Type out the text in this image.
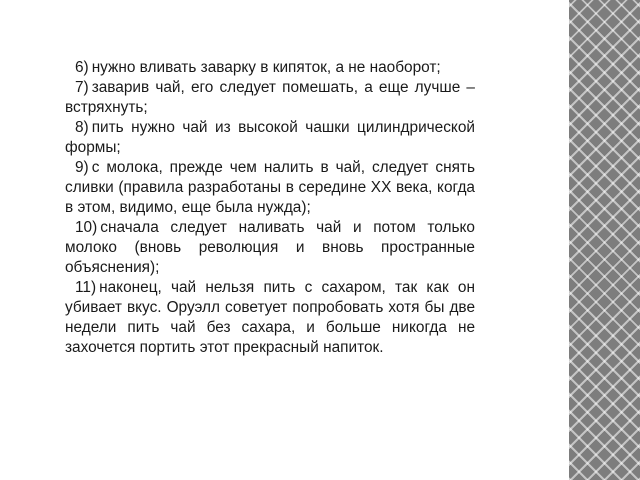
6) нужно вливать заварку в кипяток, а не наоборот;

7) заварив чай, его следует помешать, а еще лучше – встряхнуть;

8) пить нужно чай из высокой чашки цилиндрической формы;

9) с молока, прежде чем налить в чай, следует снять сливки (правила разработаны в середине ХХ века, когда в этом, видимо, еще была нужда);

10) сначала следует наливать чай и потом только молоко (вновь революция и вновь пространные объяснения);

11) наконец, чай нельзя пить с сахаром, так как он убивает вкус. Оруэлл советует попробовать хотя бы две недели пить чай без сахара, и больше никогда не захочется портить этот прекрасный напиток.
